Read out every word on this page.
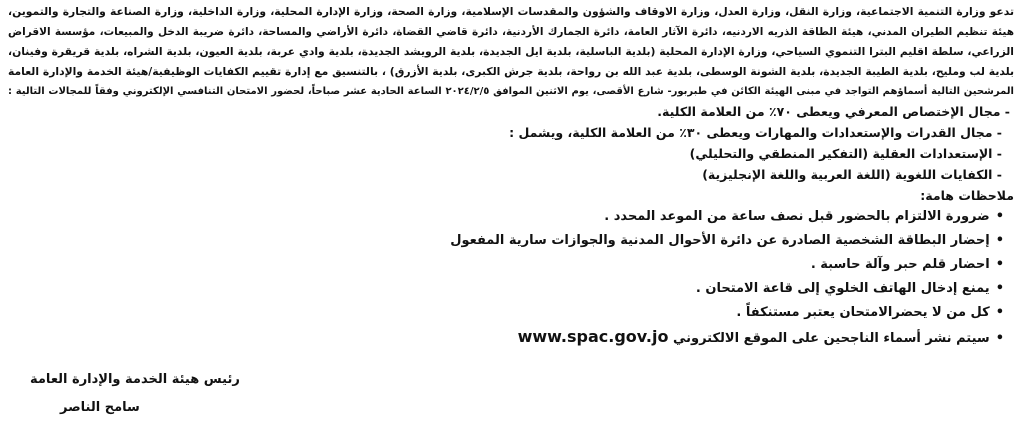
تدعو وزارة التنمية الاجتماعية، وزارة النقل، وزارة العدل، وزارة الاوقاف والشؤون والمقدسات الإسلامية، وزارة الصحة، وزارة الإدارة المحلية، وزارة الداخلية، وزارة الصناعة والتجارة والتموين،
هيئة تنظيم الطيران المدني، هيئة الطاقة الذريه الاردنيه، دائرة الآثار العامة، دائرة الجمارك الأردنية، دائرة قاضي القضاة، دائرة الأراضي والمساحة، دائرة ضريبة الدخل والمبيعات، مؤسسة الاقراض
الزراعي، سلطة اقليم البترا التنموي السياحي، وزارة الإدارة المحلية (بلدية الباسلية، بلدية ايل الجديدة، بلدية الرويشد الجديدة، بلدية وادي عربة، بلدية العيون، بلدية الشراه، بلدية قريقرة وفينان،
بلدية لب ومليح، بلدية الطيبة الجديدة، بلدية الشونة الوسطى، بلدية عبد الله بن رواحة، بلدية جرش الكبرى، بلدية الأزرق) ، بالتنسيق مع إدارة تقييم الكفايات الوظيفية/هيئة الخدمة والإدارة العامة
المرشحين التالية أسماؤهم التواجد في مبنى الهيئة الكائن في طبربور- شارع الأقصى، يوم الاثنين الموافق ٢٠٢٤/٢/٥ الساعة الحادية عشر صباحاً، لحضور الامتحان التنافسي الإلكتروني وفقاً للمجالات التالية :
- مجال الإختصاص المعرفي ويعطى ٧٠٪ من العلامة الكلية.
- مجال القدرات والإستعدادات والمهارات ويعطى ٣٠٪ من العلامة الكلية، ويشمل :
- الإستعدادات العقلية (التفكير المنطقي والتحليلي)
- الكفايات اللغوية (اللغة العربية واللغة الإنجليزية)
ملاحظات هامة:
•ضرورة الالتزام بالحضور قبل نصف ساعة من الموعد المحدد .
•إحضار البطاقة الشخصية الصادرة عن دائرة الأحوال المدنية والجوازات سارية المفعول
•احضار قلم حبر وآلة حاسبة .
•يمنع إدخال الهاتف الخلوي إلى قاعة الامتحان .
•كل من لا يحضرالامتحان يعتبر مستنكفاً .
•سيتم نشر أسماء الناجحين على الموقع الالكتروني www.spac.gov.jo
رئيس هيئة الخدمة والإدارة العامة
سامح الناصر
